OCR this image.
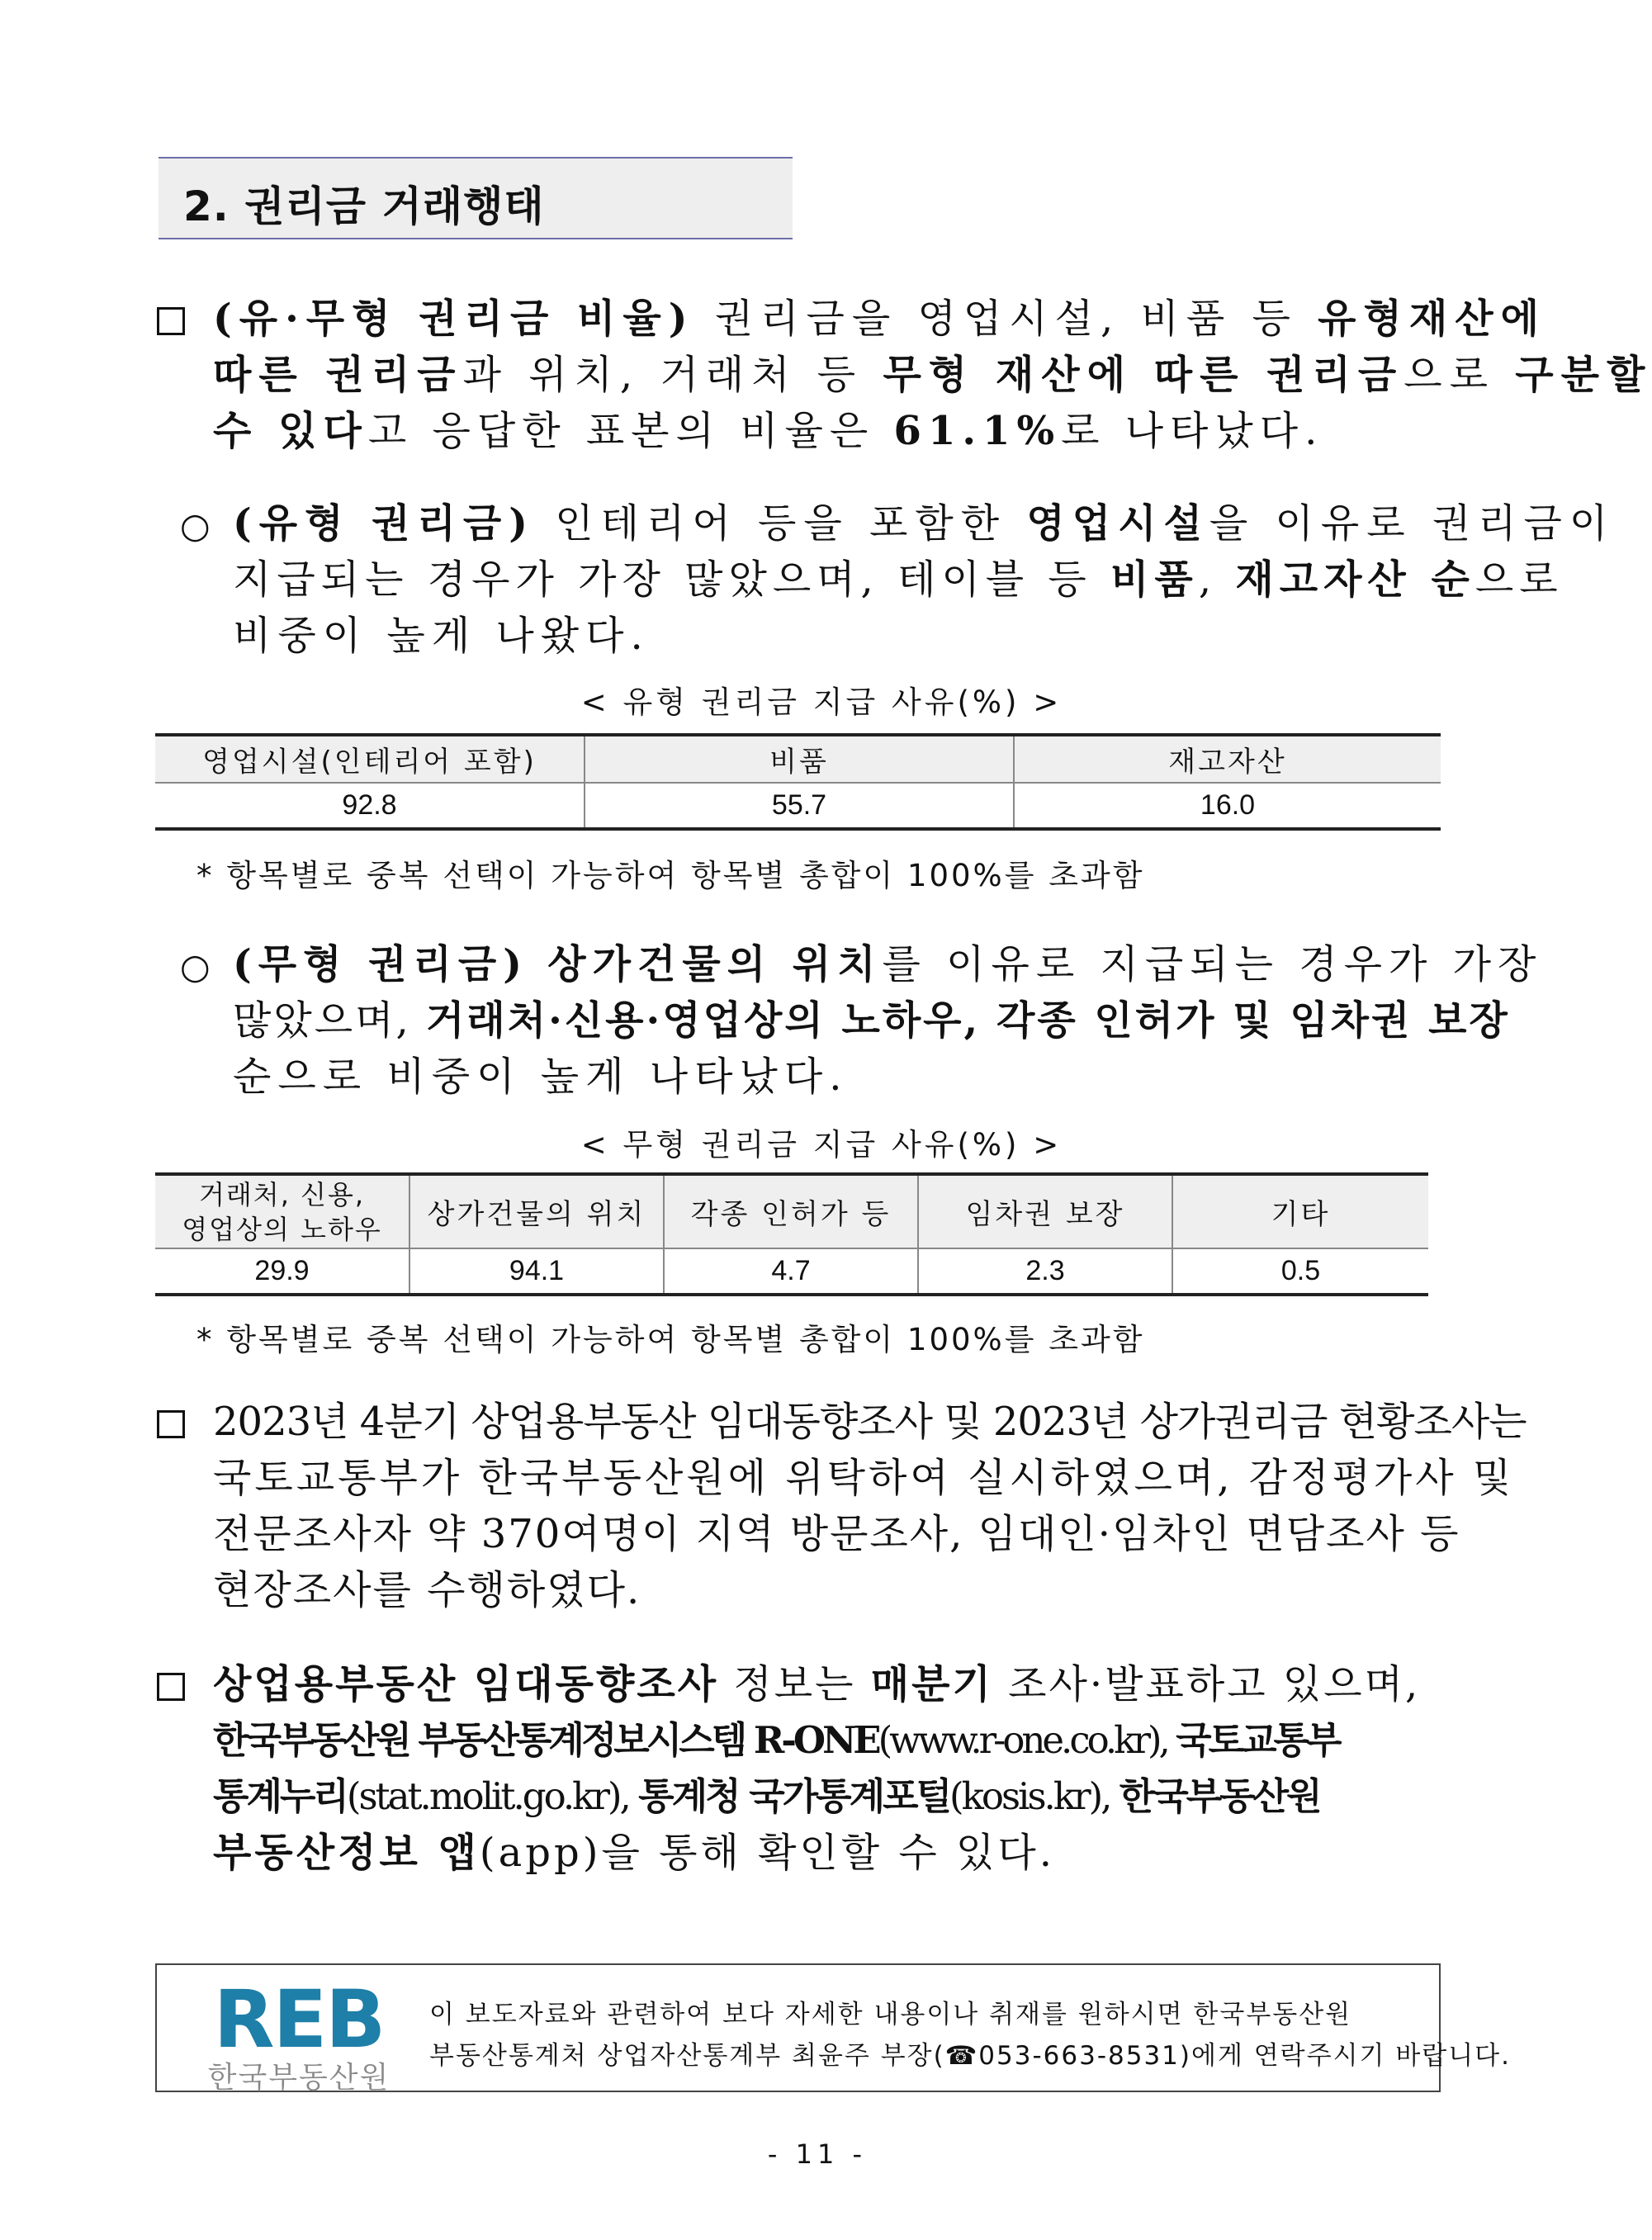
2. 권리금 거래행태
(유·무형 권리금 비율) 권리금을 영업시설, 비품 등 유형재산에
따른 권리금과 위치, 거래처 등 무형 재산에 따른 권리금으로 구분할
수 있다고 응답한 표본의 비율은 61.1%로 나타났다.
○ (유형 권리금) 인테리어 등을 포함한 영업시설을 이유로 권리금이
지급되는 경우가 가장 많았으며, 테이블 등 비품, 재고자산 순으로
비중이 높게 나왔다.
< 유형 권리금 지급 사유(%) >
영업시설(인테리어 포함)	비품	재고자산
92.8	55.7	16.0
* 항목별로 중복 선택이 가능하여 항목별 총합이 100%를 초과함
○ (무형 권리금) 상가건물의 위치를 이유로 지급되는 경우가 가장
많았으며, 거래처·신용·영업상의 노하우, 각종 인허가 및 임차권 보장
순으로 비중이 높게 나타났다.
< 무형 권리금 지급 사유(%) >
거래처, 신용,
영업상의 노하우	상가건물의 위치	각종 인허가 등	임차권 보장	기타
29.9	94.1	4.7	2.3	0.5
* 항목별로 중복 선택이 가능하여 항목별 총합이 100%를 초과함
2023년 4분기 상업용부동산 임대동향조사 및 2023년 상가권리금 현황조사는
국토교통부가 한국부동산원에 위탁하여 실시하였으며, 감정평가사 및
전문조사자 약 370여명이 지역 방문조사, 임대인·임차인 면담조사 등
현장조사를 수행하였다.
상업용부동산 임대동향조사 정보는 매분기 조사·발표하고 있으며,
한국부동산원 부동산통계정보시스템 R-ONE(www.r-one.co.kr), 국토교통부
통계누리(stat.molit.go.kr), 통계청 국가통계포털(kosis.kr), 한국부동산원
부동산정보 앱(app)을 통해 확인할 수 있다.
REB
한국부동산원
이 보도자료와 관련하여 보다 자세한 내용이나 취재를 원하시면 한국부동산원
부동산통계처 상업자산통계부 최윤주 부장(☎053-663-8531)에게 연락주시기 바랍니다.
- 11 -
